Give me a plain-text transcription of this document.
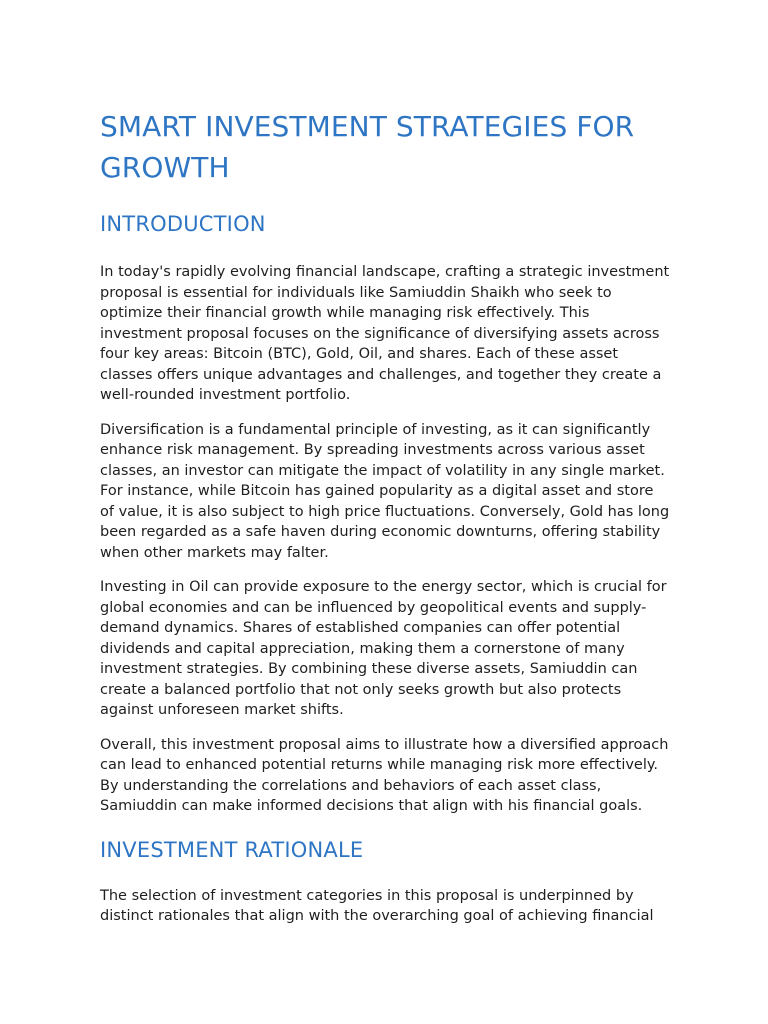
SMART INVESTMENT STRATEGIES FOR GROWTH
INTRODUCTION

In today's rapidly evolving financial landscape, crafting a strategic investment proposal is essential for individuals like Samiuddin Shaikh who seek to optimize their financial growth while managing risk effectively. This investment proposal focuses on the significance of diversifying assets across four key areas: Bitcoin (BTC), Gold, Oil, and shares. Each of these asset classes offers unique advantages and challenges, and together they create a well-rounded investment portfolio.

Diversification is a fundamental principle of investing, as it can significantly enhance risk management. By spreading investments across various asset classes, an investor can mitigate the impact of volatility in any single market. For instance, while Bitcoin has gained popularity as a digital asset and store of value, it is also subject to high price fluctuations. Conversely, Gold has long been regarded as a safe haven during economic downturns, offering stability when other markets may falter.

Investing in Oil can provide exposure to the energy sector, which is crucial for global economies and can be influenced by geopolitical events and supply-demand dynamics. Shares of established companies can offer potential dividends and capital appreciation, making them a cornerstone of many investment strategies. By combining these diverse assets, Samiuddin can create a balanced portfolio that not only seeks growth but also protects against unforeseen market shifts.

Overall, this investment proposal aims to illustrate how a diversified approach can lead to enhanced potential returns while managing risk more effectively. By understanding the correlations and behaviors of each asset class, Samiuddin can make informed decisions that align with his financial goals.

INVESTMENT RATIONALE

The selection of investment categories in this proposal is underpinned by distinct rationales that align with the overarching goal of achieving financial
